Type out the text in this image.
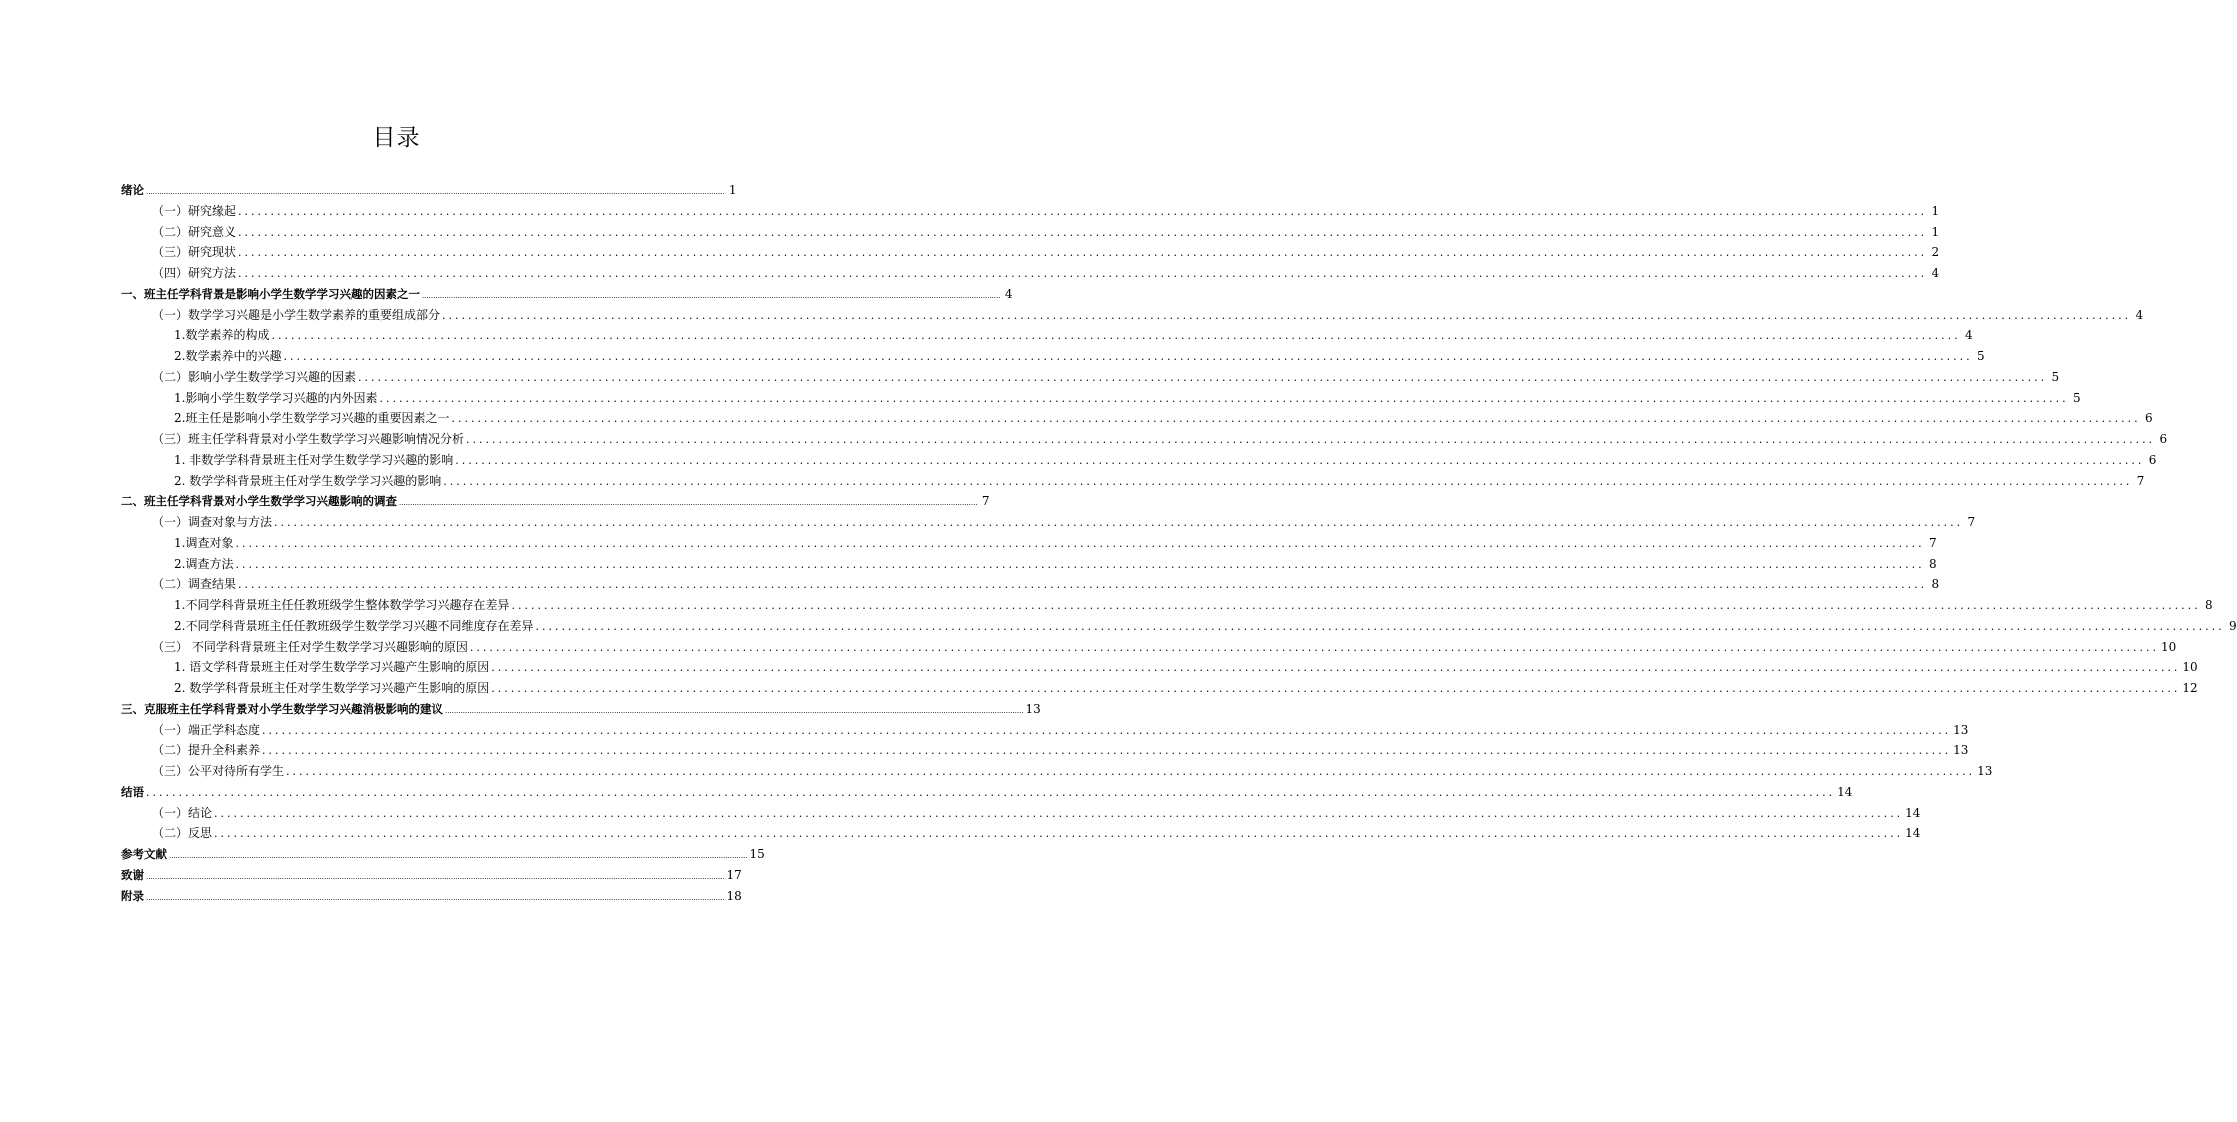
目录
绪论 .....	1
（一）研究缘起 .....	1
（二）研究意义 .....	1
（三）研究现状 .....	2
（四）研究方法 .....	4
一、班主任学科背景是影响小学生数学学习兴趣的因素之一 .....	4
（一）数学学习兴趣是小学生数学素养的重要组成部分 .....	4
1.数学素养的构成 .....	4
2.数学素养中的兴趣 .....	5
（二）影响小学生数学学习兴趣的因素 .....	5
1.影响小学生数学学习兴趣的内外因素 .....	5
2.班主任是影响小学生数学学习兴趣的重要因素之一 .....	6
（三）班主任学科背景对小学生数学学习兴趣影响情况分析 .....	6
1. 非数学学科背景班主任对学生数学学习兴趣的影响 .....	6
2. 数学学科背景班主任对学生数学学习兴趣的影响 .....	7
二、班主任学科背景对小学生数学学习兴趣影响的调查 .....	7
（一）调查对象与方法 .....	7
1.调查对象 .....	7
2.调查方法 .....	8
（二）调查结果 .....	8
1.不同学科背景班主任任教班级学生整体数学学习兴趣存在差异 .....	8
2.不同学科背景班主任任教班级学生数学学习兴趣不同维度存在差异 .....	9
（三） 不同学科背景班主任对学生数学学习兴趣影响的原因 .....	10
1. 语文学科背景班主任对学生数学学习兴趣产生影响的原因 .....	10
2. 数学学科背景班主任对学生数学学习兴趣产生影响的原因 .....	12
三、克服班主任学科背景对小学生数学学习兴趣消极影响的建议 .....	13
（一）端正学科态度 .....	13
（二）提升全科素养 .....	13
（三）公平对待所有学生 .....	13
结语 .....	14
（一）结论 .....	14
（二）反思 .....	14
参考文献 .....	15
致谢 .....	17
附录 .....	18
